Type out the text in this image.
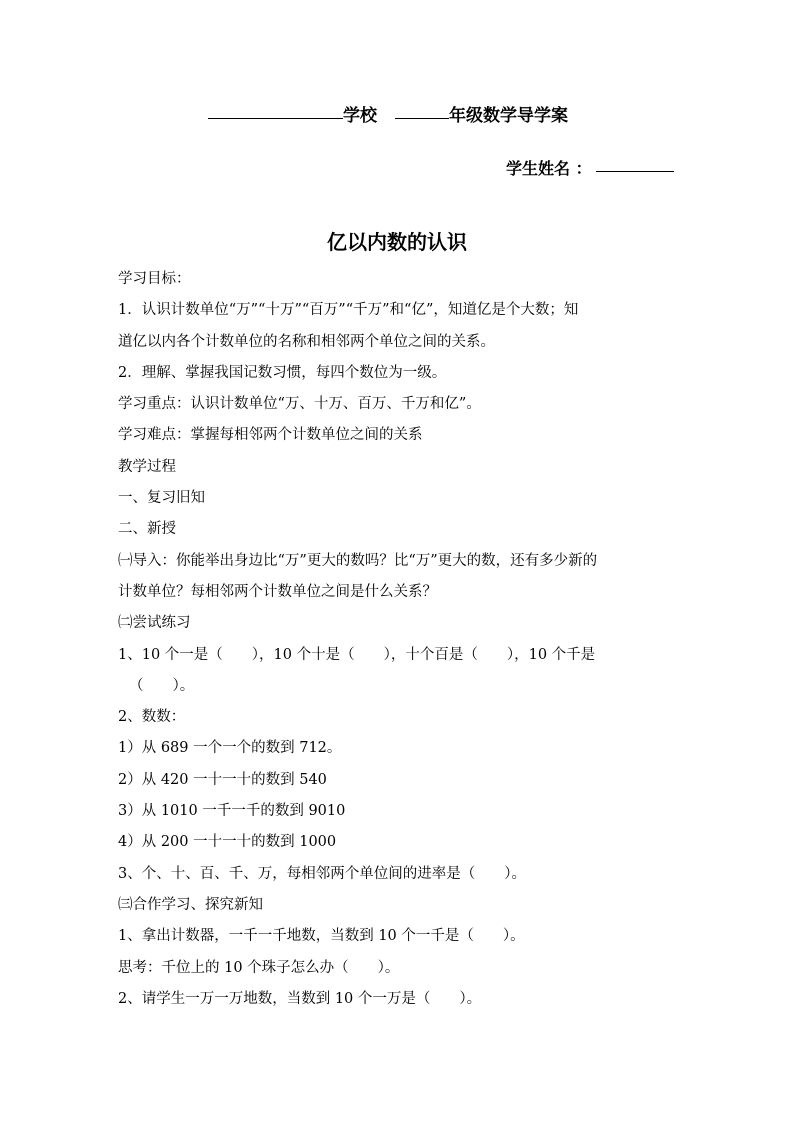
学校	年级数学导学案
学生姓名 ：
亿以内数的认识

学习目标：

1．认识计数单位“万”“十万”“百万”“千万”和“亿”，知道亿是个大数；知

道亿以内各个计数单位的名称和相邻两个单位之间的关系。

2．理解、掌握我国记数习惯，每四个数位为一级。

学习重点：认识计数单位“万、十万、百万、千万和亿”。

学习难点：掌握每相邻两个计数单位之间的关系

教学过程

一、复习旧知

二、新授

㈠导入：你能举出身边比“万”更大的数吗？比“万”更大的数，还有多少新的

计数单位？每相邻两个计数单位之间是什么关系？

㈡尝试练习

1、10 个一是（　　），10 个十是（　　），十个百是（　　），10 个千是

（　　）。

2、数数：

1）从 689 一个一个的数到 712。

2）从 420 一十一十的数到 540

3）从 1010 一千一千的数到 9010

4）从 200 一十一十的数到 1000

3、个、十、百、千、万，每相邻两个单位间的进率是（　　）。

㈢合作学习、探究新知

1、拿出计数器，一千一千地数，当数到 10 个一千是（　　）。

思考：千位上的 10 个珠子怎么办（　　）。

2、请学生一万一万地数，当数到 10 个一万是（　　）。
